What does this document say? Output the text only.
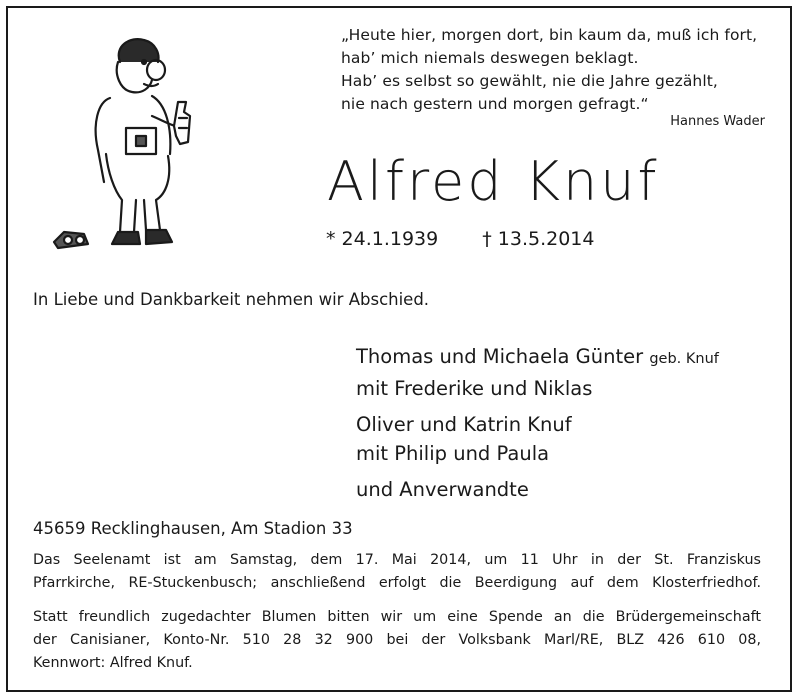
„Heute hier, morgen dort, bin kaum da, muß ich fort,
hab’ mich niemals deswegen beklagt.
Hab’ es selbst so gewählt, nie die Jahre gezählt,
nie nach gestern und morgen gefragt.“
Hannes Wader
Alfred Knuf
* 24.1.1939 † 13.5.2014
In Liebe und Dankbarkeit nehmen wir Abschied.
Thomas und Michaela Günter geb. Knuf
mit Frederike und Niklas
Oliver und Katrin Knuf
mit Philip und Paula
und Anverwandte
45659 Recklinghausen, Am Stadion 33
Das Seelenamt ist am Samstag, dem 17. Mai 2014, um 11 Uhr in der St. Franziskus
Pfarrkirche, RE-Stuckenbusch; anschließend erfolgt die Beerdigung auf dem Klosterfriedhof.
Statt freundlich zugedachter Blumen bitten wir um eine Spende an die Brüdergemeinschaft
der Canisianer, Konto-Nr. 510 28 32 900 bei der Volksbank Marl/RE, BLZ 426 610 08,
Kennwort: Alfred Knuf.
